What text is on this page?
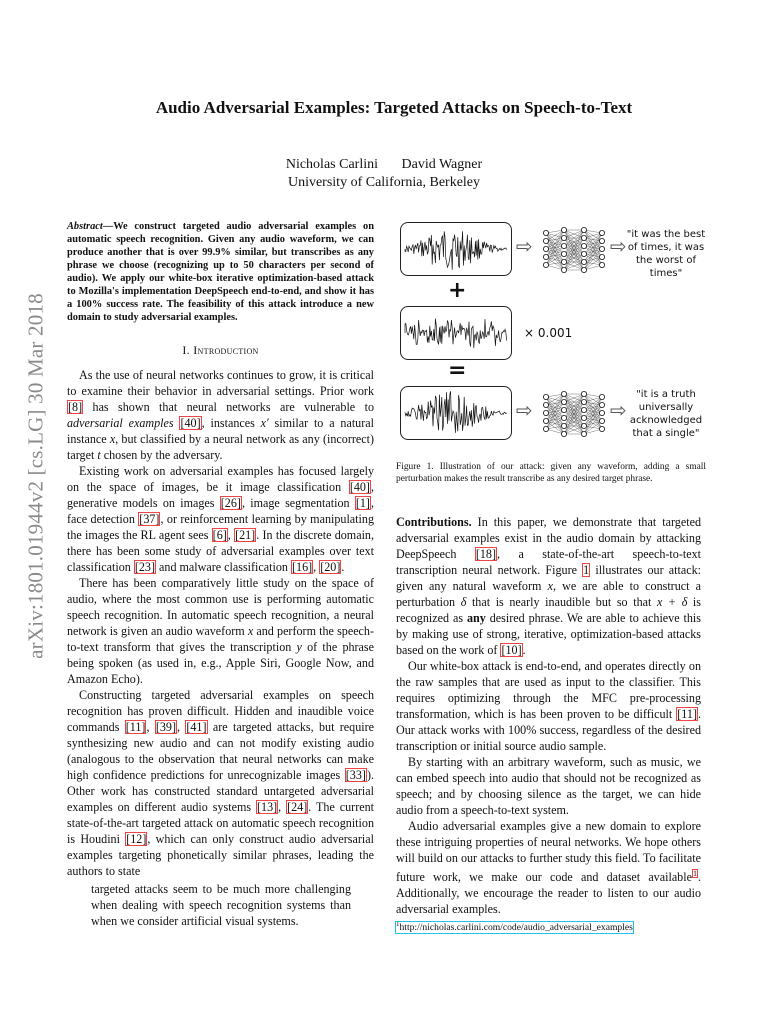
arXiv:1801.01944v2 [cs.LG] 30 Mar 2018
Audio Adversarial Examples: Targeted Attacks on Speech-to-Text
Nicholas Carlini David Wagner
University of California, Berkeley
Abstract—We construct targeted audio adversarial examples on automatic speech recognition. Given any audio waveform, we can produce another that is over 99.9% similar, but transcribes as any phrase we choose (recognizing up to 50 characters per second of audio). We apply our white-box iterative optimization-based attack to Mozilla's implementation DeepSpeech end-to-end, and show it has a 100% success rate. The feasibility of this attack introduce a new domain to study adversarial examples.
I. Introduction

As the use of neural networks continues to grow, it is critical to examine their behavior in adversarial settings. Prior work [8] has shown that neural networks are vulnerable to adversarial examples [40], instances x′ similar to a natural instance x, but classified by a neural network as any (incorrect) target t chosen by the adversary.

Existing work on adversarial examples has focused largely on the space of images, be it image classification [40], generative models on images [26], image segmentation [1], face detection [37], or reinforcement learning by manipulating the images the RL agent sees [6], [21]. In the discrete domain, there has been some study of adversarial examples over text classification [23] and malware classification [16], [20].

There has been comparatively little study on the space of audio, where the most common use is performing automatic speech recognition. In automatic speech recognition, a neural network is given an audio waveform x and perform the speech-to-text transform that gives the transcription y of the phrase being spoken (as used in, e.g., Apple Siri, Google Now, and Amazon Echo).

Constructing targeted adversarial examples on speech recognition has proven difficult. Hidden and inaudible voice commands [11], [39], [41] are targeted attacks, but require synthesizing new audio and can not modify existing audio (analogous to the observation that neural networks can make high confidence predictions for unrecognizable images [33]). Other work has constructed standard untargeted adversarial examples on different audio systems [13], [24]. The current state-of-the-art targeted attack on automatic speech recognition is Houdini [12], which can only construct audio adversarial examples targeting phonetically similar phrases, leading the authors to state

targeted attacks seem to be much more challenging when dealing with speech recognition systems than when we consider artificial visual systems.

⇨	⇨ "it was the best of times, it was the worst of times"
+
× 0.001
=
⇨	⇨
"it is a truth universally acknowledged that a single"
Figure 1. Illustration of our attack: given any waveform, adding a small perturbation makes the result transcribe as any desired target phrase.

Contributions. In this paper, we demonstrate that targeted adversarial examples exist in the audio domain by attacking DeepSpeech [18], a state-of-the-art speech-to-text transcription neural network. Figure 1 illustrates our attack: given any natural waveform x, we are able to construct a perturbation δ that is nearly inaudible but so that x + δ is recognized as any desired phrase. We are able to achieve this by making use of strong, iterative, optimization-based attacks based on the work of [10].

Our white-box attack is end-to-end, and operates directly on the raw samples that are used as input to the classifier. This requires optimizing through the MFC pre-processing transformation, which is has been proven to be difficult [11]. Our attack works with 100% success, regardless of the desired transcription or initial source audio sample.

By starting with an arbitrary waveform, such as music, we can embed speech into audio that should not be recognized as speech; and by choosing silence as the target, we can hide audio from a speech-to-text system.

Audio adversarial examples give a new domain to explore these intriguing properties of neural networks. We hope others will build on our attacks to further study this field. To facilitate future work, we make our code and dataset available$^1$. Additionally, we encourage the reader to listen to our audio adversarial examples.

$^1$http://nicholas.carlini.com/code/audio_adversarial_examples
